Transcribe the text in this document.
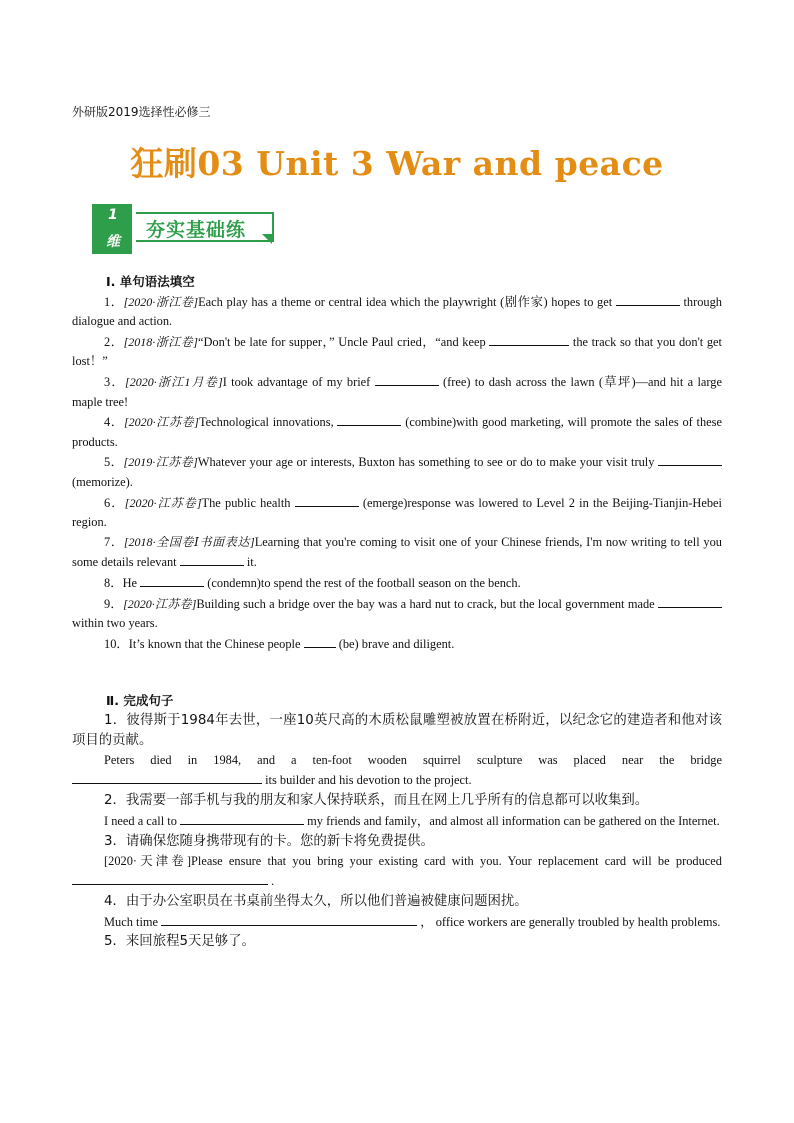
外研版2019选择性必修三
狂刷03 Unit 3 War and peace
1
维
夯实基础练
Ⅰ. 单句语法填空

1．[2020·浙江卷]Each play has a theme or central idea which the playwright (剧作家) hopes to get	through dialogue and action.

2．[2018·浙江卷]“Don't be late for supper，” Uncle Paul cried，“and keep	the track so that you don't get lost！”

3．[2020·浙江1月卷]I took advantage of my brief	(free) to dash across the lawn (草坪)—and hit a large maple tree!

4．[2020·江苏卷]Technological innovations,	(combine)with good marketing, will promote the sales of these products.

5．[2019·江苏卷]Whatever your age or interests, Buxton has something to see or do to make your visit truly  (memorize).

6．[2020·江苏卷]The public health	(emerge)response was lowered to Level 2 in the Beijing-Tianjin-Hebei region.

7．[2018·全国卷Ⅰ书面表达]Learning that you're coming to visit one of your Chinese friends, I'm now writing to tell you some details relevant	it.

8．He	(condemn)to spend the rest of the football season on the bench.

9．[2020·江苏卷]Building such a bridge over the bay was a hard nut to crack, but the local government made  within two years.

10．It’s known that the Chinese people	(be) brave and diligent.

Ⅱ. 完成句子

1．彼得斯于1984年去世，一座10英尺高的木质松鼠雕塑被放置在桥附近，以纪念它的建造者和他对该项目的贡献。

Peters died in 1984, and a ten-foot wooden squirrel sculpture was placed near the bridge  its builder and his devotion to the project.

2．我需要一部手机与我的朋友和家人保持联系，而且在网上几乎所有的信息都可以收集到。

I need a call to	my friends and family，and almost all information can be gathered on the Internet.

3．请确保您随身携带现有的卡。您的新卡将免费提供。

[2020·天津卷]Please ensure that you bring your existing card with you. Your replacement card will be produced  .

4．由于办公室职员在书桌前坐得太久，所以他们普遍被健康问题困扰。

Much time	， office workers are generally troubled by health problems.

5．来回旅程5天足够了。
